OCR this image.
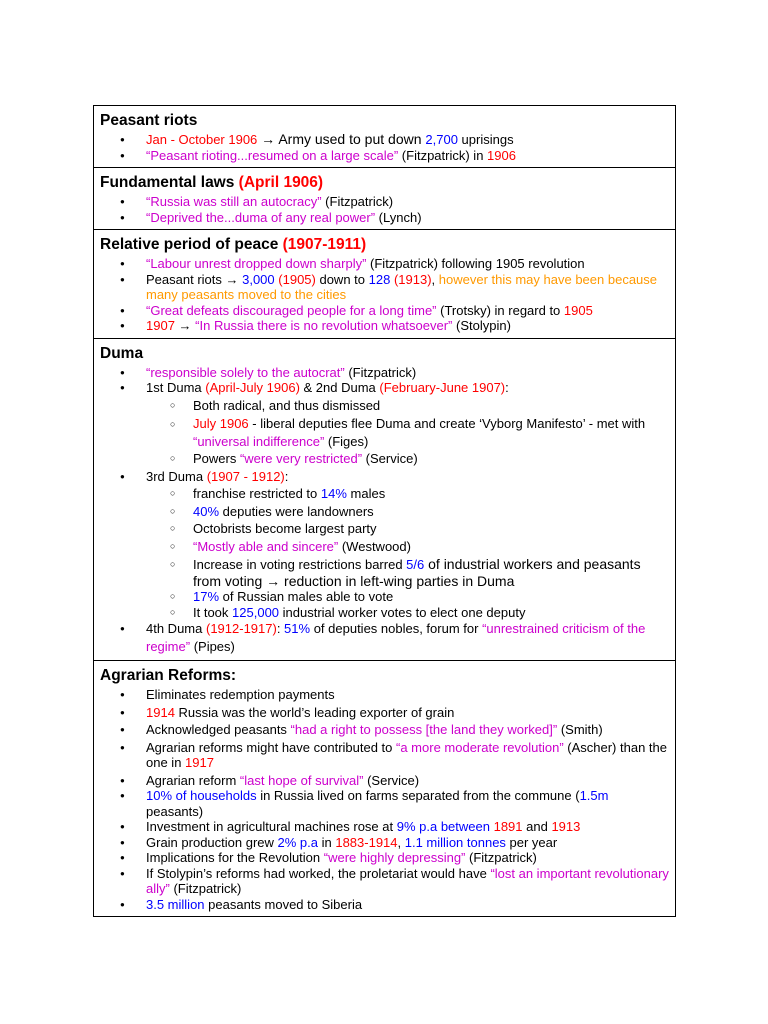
Peasant riots
● Jan - October 1906 → Army used to put down 2,700 uprisings
● “Peasant rioting...resumed on a large scale” (Fitzpatrick) in 1906
Fundamental laws (April 1906)
● “Russia was still an autocracy” (Fitzpatrick)
● “Deprived the...duma of any real power” (Lynch)
Relative period of peace (1907-1911)
● “Labour unrest dropped down sharply” (Fitzpatrick) following 1905 revolution
● Peasant riots → 3,000 (1905) down to 128 (1913), however this may have been because many peasants moved to the cities
● “Great defeats discouraged people for a long time” (Trotsky) in regard to 1905
● 1907 → “In Russia there is no revolution whatsoever” (Stolypin)
Duma
● “responsible solely to the autocrat” (Fitzpatrick)
● 1st Duma (April-July 1906) & 2nd Duma (February-June 1907):
○ Both radical, and thus dismissed
○ July 1906 - liberal deputies flee Duma and create ‘Vyborg Manifesto’ - met with “universal indifference” (Figes)
○ Powers “were very restricted” (Service)
● 3rd Duma (1907 - 1912):
○ franchise restricted to 14% males
○ 40% deputies were landowners
○ Octobrists become largest party
○ “Mostly able and sincere” (Westwood)
○ Increase in voting restrictions barred 5/6 of industrial workers and peasants from voting → reduction in left-wing parties in Duma
○ 17% of Russian males able to vote
○ It took 125,000 industrial worker votes to elect one deputy
● 4th Duma (1912-1917): 51% of deputies nobles, forum for “unrestrained criticism of the regime” (Pipes)
Agrarian Reforms:
● Eliminates redemption payments
● 1914 Russia was the world’s leading exporter of grain
● Acknowledged peasants “had a right to possess [the land they worked]” (Smith)
● Agrarian reforms might have contributed to “a more moderate revolution” (Ascher) than the one in 1917
● Agrarian reform “last hope of survival” (Service)
● 10% of households in Russia lived on farms separated from the commune (1.5m peasants)
● Investment in agricultural machines rose at 9% p.a between 1891 and 1913
● Grain production grew 2% p.a in 1883-1914, 1.1 million tonnes per year
● Implications for the Revolution “were highly depressing” (Fitzpatrick)
● If Stolypin’s reforms had worked, the proletariat would have “lost an important revolutionary ally” (Fitzpatrick)
● 3.5 million peasants moved to Siberia
